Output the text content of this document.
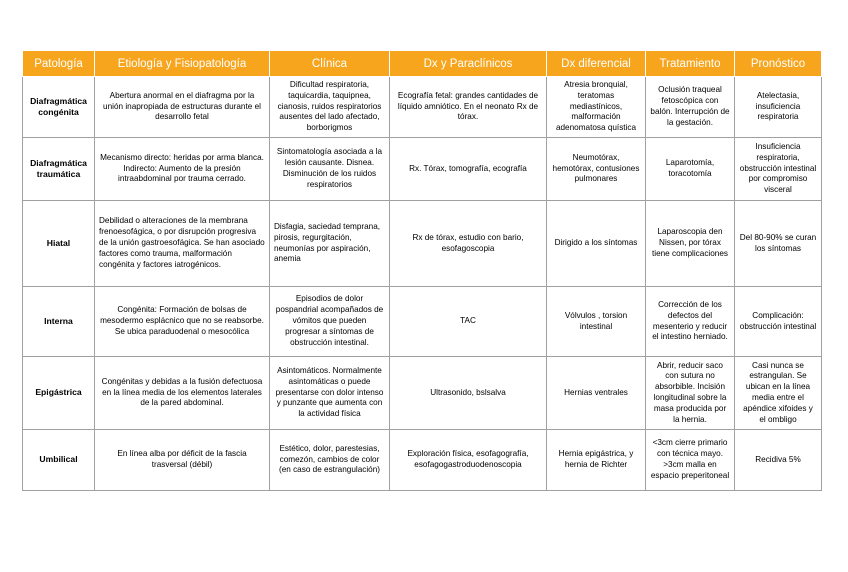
Patología	Etiología y Fisiopatología	Clínica	Dx y Paraclínicos	Dx diferencial	Tratamiento	Pronóstico
Diafragmática congénita	Abertura anormal en el diafragma por la unión inapropiada de estructuras durante el desarrollo fetal	Dificultad respiratoria, taquicardia, taquipnea, cianosis, ruidos respiratorios ausentes del lado afectado, borborigmos	Ecografía fetal: grandes cantidades de líquido amniótico. En el neonato Rx de tórax.	Atresia bronquial, teratomas mediastínicos, malformación adenomatosa quística	Oclusión traqueal fetoscópica con balón. Interrupción de la gestación.	Atelectasia, insuficiencia respiratoria
Diafragmática traumática	Mecanismo directo: heridas por arma blanca. Indirecto: Aumento de la presión intraabdominal por trauma cerrado.	Sintomatología asociada a la lesión causante. Disnea. Disminución de los ruidos respiratorios	Rx. Tórax, tomografía, ecografía	Neumotórax, hemotórax, contusiones pulmonares	Laparotomía, toracotomía	Insuficiencia respiratoria, obstrucción intestinal por compromiso visceral
Hiatal	Debilidad o alteraciones de la membrana frenoesofágica, o por disrupción progresiva de la unión gastroesofágica. Se han asociado factores como trauma, malformación congénita y factores iatrogénicos.	Disfagia, saciedad temprana, pirosis, regurgitación, neumonías por aspiración, anemia	Rx de tórax, estudio con bario, esofagoscopia	Dirigido a los síntomas	Laparoscopia den Nissen, por tórax tiene complicaciones	Del 80-90% se curan los síntomas
Interna	Congénita: Formación de bolsas de mesodermo esplácnico que no se reabsorbe. Se ubica paraduodenal o mesocólica	Episodios de dolor pospandrial acompañados de vómitos que pueden progresar a síntomas de obstrucción intestinal.	TAC	Vólvulos , torsion intestinal	Corrección de los defectos del mesenterio y reducir el intestino herniado.	Complicación: obstrucción intestinal
Epigástrica	Congénitas y debidas a la fusión defectuosa en la línea media de los elementos laterales de la pared abdominal.	Asintomáticos. Normalmente asintomáticas o puede presentarse con dolor intenso y punzante que aumenta con la actividad física	Ultrasonido, bslsalva	Hernias ventrales	Abrir, reducir saco con sutura no absorbible. Incisión longitudinal sobre la masa producida por la hernia.	Casi nunca se estrangulan. Se ubican en la línea media entre el apéndice xifoides y el ombligo
Umbilical	En línea alba por déficit de la fascia trasversal (débil)	Estético, dolor, parestesias, comezón, cambios de color (en caso de estrangulación)	Exploración física, esofagografía, esofagogastroduodenoscopia	Hernia epigástrica, y hernia de Richter	<3cm cierre primario con técnica mayo. >3cm malla en espacio preperitoneal	Recidiva 5%
